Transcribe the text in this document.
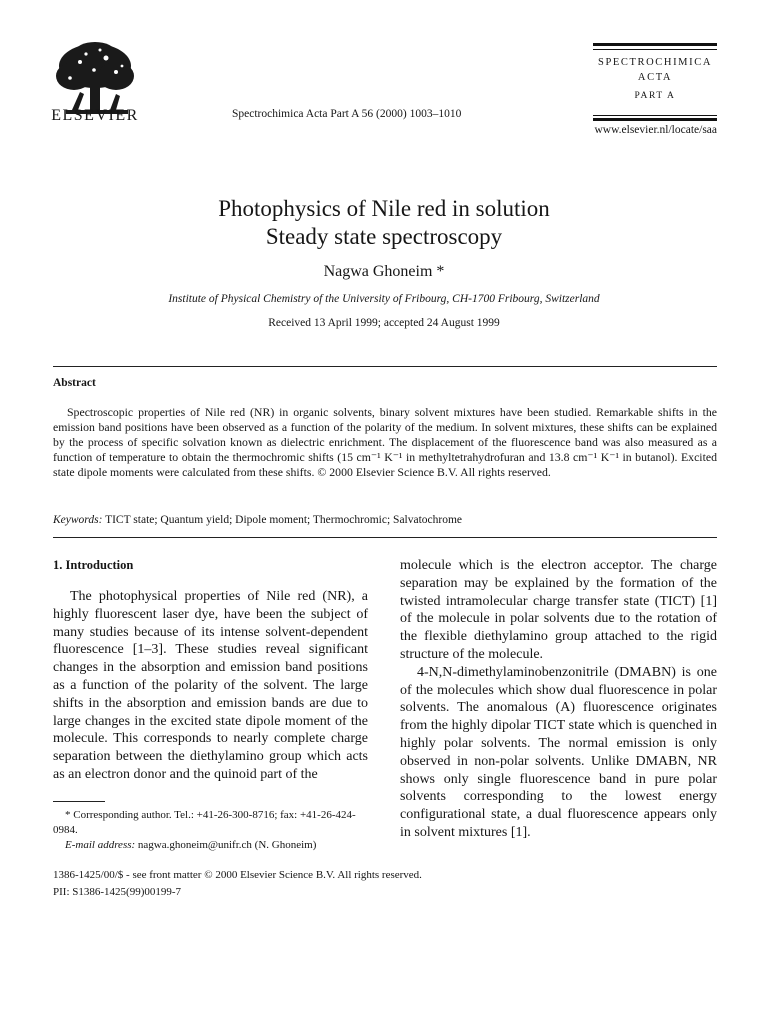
ELSEVIER	Spectrochimica Acta Part A 56 (2000) 1003–1010
SPECTROCHIMICA
ACTA
PART A
www.elsevier.nl/locate/saa
Photophysics of Nile red in solution
Steady state spectroscopy
Nagwa Ghoneim *
Institute of Physical Chemistry of the University of Fribourg, CH-1700 Fribourg, Switzerland
Received 13 April 1999; accepted 24 August 1999
Abstract
Spectroscopic properties of Nile red (NR) in organic solvents, binary solvent mixtures have been studied. Remarkable shifts in the emission band positions have been observed as a function of the polarity of the medium. In solvent mixtures, these shifts can be explained by the process of specific solvation known as dielectric enrichment. The displacement of the fluorescence band was also measured as a function of temperature to obtain the thermochromic shifts (15 cm⁻¹ K⁻¹ in methyltetrahydrofuran and 13.8 cm⁻¹ K⁻¹ in butanol). Excited state dipole moments were calculated from these shifts. © 2000 Elsevier Science B.V. All rights reserved.
Keywords: TICT state; Quantum yield; Dipole moment; Thermochromic; Salvatochrome
1. Introduction

The photophysical properties of Nile red (NR), a highly fluorescent laser dye, have been the subject of many studies because of its intense solvent-dependent fluorescence [1–3]. These studies reveal significant changes in the absorption and emission band positions as a function of the polarity of the solvent. The large shifts in the absorption and emission bands are due to large changes in the excited state dipole moment of the molecule. This corresponds to nearly complete charge separation between the diethylamino group which acts as an electron donor and the quinoid part of the

* Corresponding author. Tel.: +41-26-300-8716; fax: +41-26-424-0984.

E-mail address: nagwa.ghoneim@unifr.ch (N. Ghoneim)

molecule which is the electron acceptor. The charge separation may be explained by the formation of the twisted intramolecular charge transfer state (TICT) [1] of the molecule in polar solvents due to the rotation of the flexible diethylamino group attached to the rigid structure of the molecule.

4-N,N-dimethylaminobenzonitrile (DMABN) is one of the molecules which show dual fluorescence in polar solvents. The anomalous (A) fluorescence originates from the highly dipolar TICT state which is quenched in highly polar solvents. The normal emission is only observed in non-polar solvents. Unlike DMABN, NR shows only single fluorescence band in pure polar solvents corresponding to the lowest energy configurational state, a dual fluorescence appears only in solvent mixtures [1].

1386-1425/00/$ - see front matter © 2000 Elsevier Science B.V. All rights reserved.
PII: S1386-1425(99)00199-7
